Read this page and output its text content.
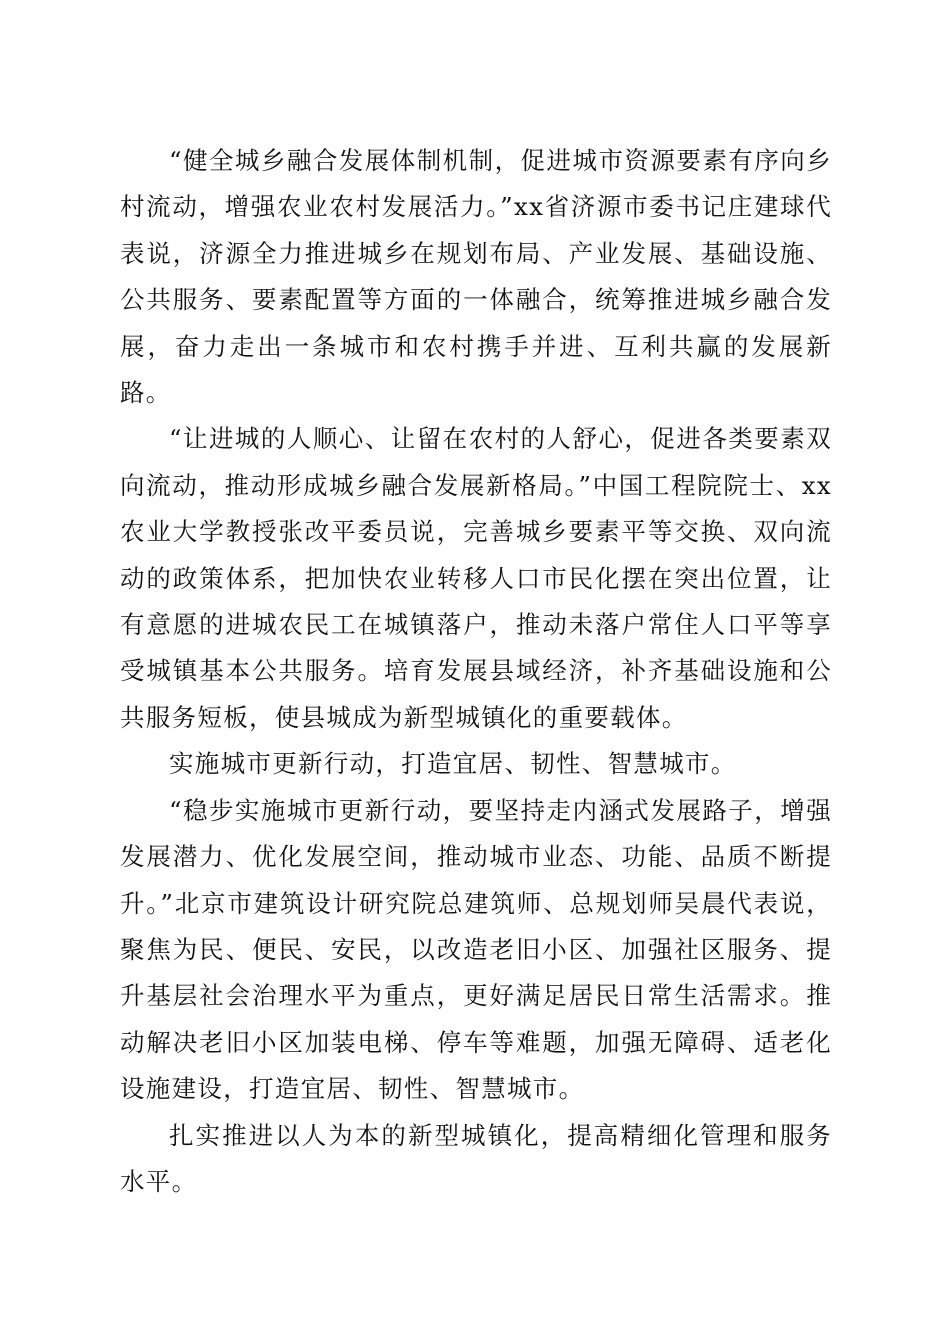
“健全城乡融合发展体制机制，促进城市资源要素有序向乡村流动，增强农业农村发展活力。”xx省济源市委书记庄建球代表说，济源全力推进城乡在规划布局、产业发展、基础设施、公共服务、要素配置等方面的一体融合，统筹推进城乡融合发展，奋力走出一条城市和农村携手并进、互利共赢的发展新路。

“让进城的人顺心、让留在农村的人舒心，促进各类要素双向流动，推动形成城乡融合发展新格局。”中国工程院院士、xx农业大学教授张改平委员说，完善城乡要素平等交换、双向流动的政策体系，把加快农业转移人口市民化摆在突出位置，让有意愿的进城农民工在城镇落户，推动未落户常住人口平等享受城镇基本公共服务。培育发展县域经济，补齐基础设施和公共服务短板，使县城成为新型城镇化的重要载体。

实施城市更新行动，打造宜居、韧性、智慧城市。

“稳步实施城市更新行动，要坚持走内涵式发展路子，增强发展潜力、优化发展空间，推动城市业态、功能、品质不断提升。”北京市建筑设计研究院总建筑师、总规划师吴晨代表说，聚焦为民、便民、安民，以改造老旧小区、加强社区服务、提升基层社会治理水平为重点，更好满足居民日常生活需求。推动解决老旧小区加装电梯、停车等难题，加强无障碍、适老化设施建设，打造宜居、韧性、智慧城市。

扎实推进以人为本的新型城镇化，提高精细化管理和服务水平。
